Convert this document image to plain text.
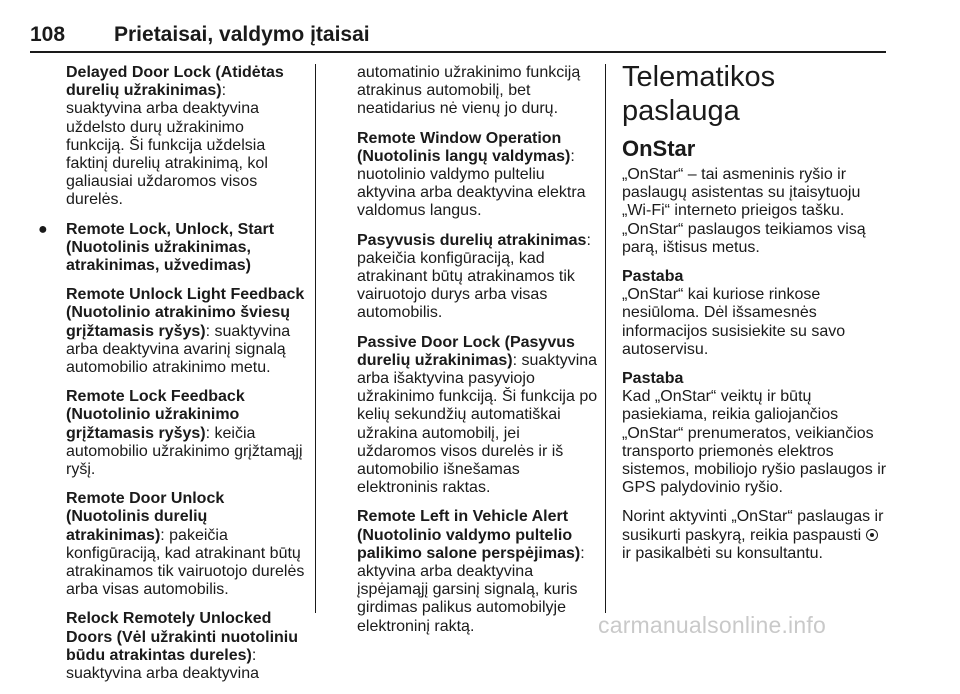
108 Prietaisai, valdymo įtaisai

Delayed Door Lock (Atidėtas durelių užrakinimas): suaktyvina arba deaktyvina uždelsto durų užrakinimo funkciją. Ši funkcija uždelsia faktinį durelių atrakinimą, kol galiausiai uždaromos visos durelės.

● Remote Lock, Unlock, Start (Nuotolinis užrakinimas, atrakinimas, užvedimas)

Remote Unlock Light Feedback (Nuotolinio atrakinimo šviesų grįžtamasis ryšys): suaktyvina arba deaktyvina avarinį signalą automobilio atrakinimo metu.

Remote Lock Feedback (Nuotolinio užrakinimo grįžtamasis ryšys): keičia automobilio užrakinimo grįžtamąjį ryšį.

Remote Door Unlock (Nuotolinis durelių atrakinimas): pakeičia konfigūraciją, kad atrakinant būtų atrakinamos tik vairuotojo durelės arba visas automobilis.

Relock Remotely Unlocked Doors (Vėl užrakinti nuotoliniu būdu atrakintas dureles): suaktyvina arba deaktyvina

automatinio užrakinimo funkciją atrakinus automobilį, bet neatidarius nė vienų jo durų.

Remote Window Operation (Nuotolinis langų valdymas): nuotolinio valdymo pulteliu aktyvina arba deaktyvina elektra valdomus langus.

Pasyvusis durelių atrakinimas: pakeičia konfigūraciją, kad atrakinant būtų atrakinamos tik vairuotojo durys arba visas automobilis.

Passive Door Lock (Pasyvus durelių užrakinimas): suaktyvina arba išaktyvina pasyviojo užrakinimo funkciją. Ši funkcija po kelių sekundžių automatiškai užrakina automobilį, jei uždaromos visos durelės ir iš automobilio išnešamas elektroninis raktas.

Remote Left in Vehicle Alert (Nuotolinio valdymo pulteliо palikimo salone perspėjimas): aktyvina arba deaktyvina įspėjamąjį garsinį signalą, kuris girdimas palikus automobilyje elektroninį raktą.

Telematikos paslauga
OnStar

„OnStar“ – tai asmeninis ryšio ir paslaugų asistentas su įtaisytuoju „Wi-Fi“ interneto prieigos tašku. „OnStar“ paslaugos teikiamos visą parą, ištisus metus.

Pastaba
„OnStar“ kai kuriose rinkose nesiūloma. Dėl išsamesnės informacijos susisiekite su savo autoservisu.

Pastaba
Kad „OnStar“ veiktų ir būtų pasiekiama, reikia galiojančios „OnStar“ prenumeratos, veikiančios transporto priemonės elektros sistemos, mobiliojo ryšio paslaugos ir GPS palydovinio ryšio.

Norint aktyvinti „OnStar“ paslaugas ir susikurti paskyrą, reikia paspausti
ir pasikalbėti su konsultantu.

carmanualsonline.info
